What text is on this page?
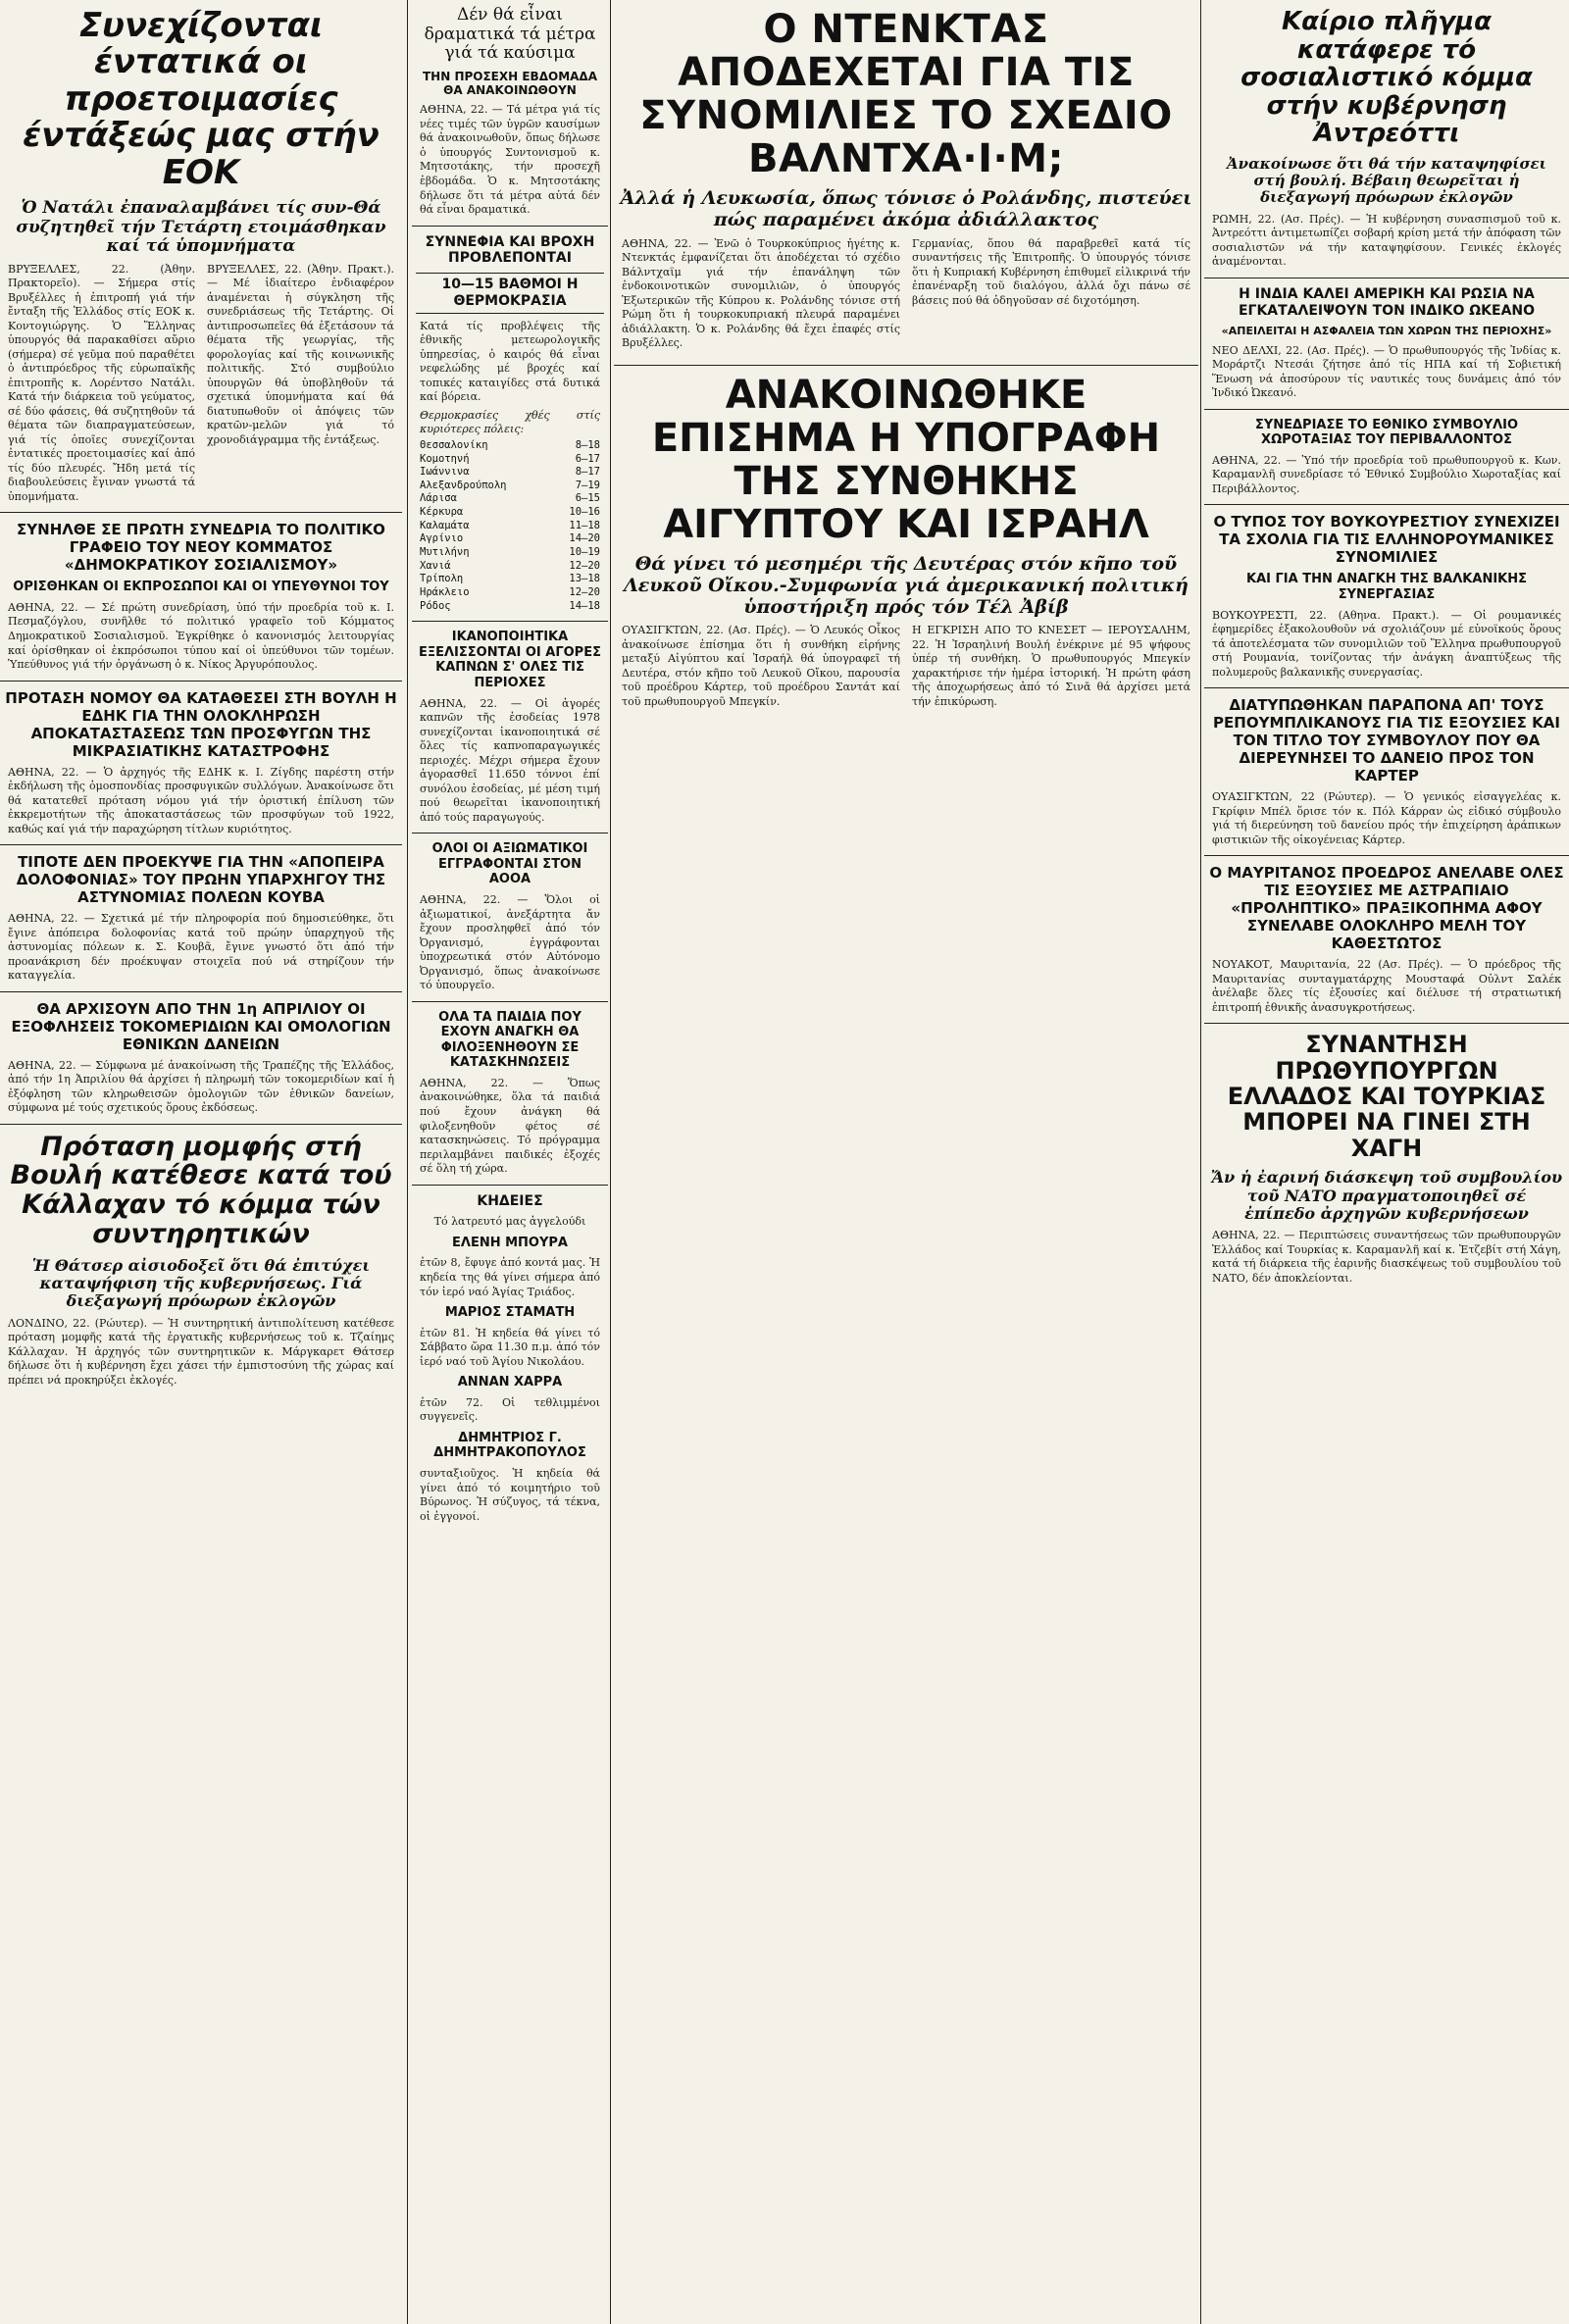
Συνεχίζονται έντατικά οι προετοιμασίες έντάξεώς μας στήν ΕΟΚ
Ὁ Νατάλι ἐπαναλαμβάνει τίς συν-Θά συζητηθεῖ τήν Τετάρτη ετοιμάσθηκαν καί τά ὑπομνήματα
ΒΡΥΞΕΛΛΕΣ, 22. (Ἀθην. Πρακτορεῖο). — Σήμερα στίς Βρυξέλλες ἡ ἐπιτροπή γιά τήν ἔνταξη τῆς Ἑλλάδος στίς ΕΟΚ κ. Κοντογιώργης. Ὁ Ἕλληνας ὑπουργός θά παρακαθίσει αὔριο (σήμερα) σέ γεῦμα πού παραθέτει ὁ ἀντιπρόεδρος τῆς εὐρωπαϊκῆς ἐπιτροπῆς κ. Λορέντσο Νατάλι. Κατά τήν διάρκεια τοῦ γεύματος, σέ δύο φάσεις, θά συζητηθοῦν τά θέματα τῶν διαπραγματεύσεων, γιά τίς ὁποῖες συνεχίζονται ἐντατικές προετοιμασίες καί ἀπό τίς δύο πλευρές. Ἤδη μετά τίς διαβουλεύσεις ἔγιναν γνωστά τά ὑπομνήματα.
ΒΡΥΞΕΛΛΕΣ, 22. (Ἀθην. Πρακτ.). — Μέ ἰδιαίτερο ἐνδιαφέρον ἀναμένεται ἡ σύγκληση τῆς συνεδριάσεως τῆς Τετάρτης. Οἱ ἀντιπροσωπεῖες θά ἐξετάσουν τά θέματα τῆς γεωργίας, τῆς φορολογίας καί τῆς κοινωνικῆς πολιτικῆς. Στό συμβούλιο ὑπουργῶν θά ὑποβληθοῦν τά σχετικά ὑπομνήματα καί θά διατυπωθοῦν οἱ ἀπόψεις τῶν κρατῶν-μελῶν γιά τό χρονοδιάγραμμα τῆς ἐντάξεως.
ΣΥΝΗΛΘΕ ΣΕ ΠΡΩΤΗ ΣΥΝΕΔΡΙΑ ΤΟ ΠΟΛΙΤΙΚΟ ΓΡΑΦΕΙΟ ΤΟΥ ΝΕΟΥ ΚΟΜΜΑΤΟΣ «ΔΗΜΟΚΡΑΤΙΚΟΥ ΣΟΣΙΑΛΙΣΜΟΥ»
ΟΡΙΣΘΗΚΑΝ ΟΙ ΕΚΠΡΟΣΩΠΟΙ ΚΑΙ ΟΙ ΥΠΕΥΘΥΝΟΙ ΤΟΥ
ΑΘΗΝΑ, 22. — Σέ πρώτη συνεδρίαση, ὑπό τήν προεδρία τοῦ κ. Ι. Πεσμαζόγλου, συνῆλθε τό πολιτικό γραφεῖο τοῦ Κόμματος Δημοκρατικοῦ Σοσιαλισμοῦ. Ἐγκρίθηκε ὁ κανονισμός λειτουργίας καί ὁρίσθηκαν οἱ ἐκπρόσωποι τύπου καί οἱ ὑπεύθυνοι τῶν τομέων. Ὑπεύθυνος γιά τήν ὀργάνωση ὁ κ. Νίκος Ἀργυρόπουλος.
ΠΡΟΤΑΣΗ ΝΟΜΟΥ ΘΑ ΚΑΤΑΘΕΣΕΙ ΣΤΗ ΒΟΥΛΗ Η ΕΔΗΚ ΓΙΑ ΤΗΝ ΟΛΟΚΛΗΡΩΣΗ ΑΠΟΚΑΤΑΣΤΑΣΕΩΣ ΤΩΝ ΠΡΟΣΦΥΓΩΝ ΤΗΣ ΜΙΚΡΑΣΙΑΤΙΚΗΣ ΚΑΤΑΣΤΡΟΦΗΣ
ΑΘΗΝΑ, 22. — Ὁ ἀρχηγός τῆς ΕΔΗΚ κ. Ι. Ζίγδης παρέστη στήν ἐκδήλωση τῆς ὁμοσπονδίας προσφυγικῶν συλλόγων. Ἀνακοίνωσε ὅτι θά κατατεθεῖ πρόταση νόμου γιά τήν ὁριστική ἐπίλυση τῶν ἐκκρεμοτήτων τῆς ἀποκαταστάσεως τῶν προσφύγων τοῦ 1922, καθώς καί γιά τήν παραχώρηση τίτλων κυριότητος.
ΤΙΠΟΤΕ ΔΕΝ ΠΡΟΕΚΥΨΕ ΓΙΑ ΤΗΝ «ΑΠΟΠΕΙΡΑ ΔΟΛΟΦΟΝΙΑΣ» ΤΟΥ ΠΡΩΗΝ ΥΠΑΡΧΗΓΟΥ ΤΗΣ ΑΣΤΥΝΟΜΙΑΣ ΠΟΛΕΩΝ ΚΟΥΒΑ
ΑΘΗΝΑ, 22. — Σχετικά μέ τήν πληροφορία πού δημοσιεύθηκε, ὅτι ἔγινε ἀπόπειρα δολοφονίας κατά τοῦ πρώην ὑπαρχηγοῦ τῆς ἀστυνομίας πόλεων κ. Σ. Κουβᾶ, ἔγινε γνωστό ὅτι ἀπό τήν προανάκριση δέν προέκυψαν στοιχεῖα πού νά στηρίζουν τήν καταγγελία.
ΘΑ ΑΡΧΙΣΟΥΝ ΑΠΟ ΤΗΝ 1η ΑΠΡΙΛΙΟΥ ΟΙ ΕΞΟΦΛΗΣΕΙΣ ΤΟΚΟΜΕΡΙΔΙΩΝ ΚΑΙ ΟΜΟΛΟΓΙΩΝ ΕΘΝΙΚΩΝ ΔΑΝΕΙΩΝ
ΑΘΗΝΑ, 22. — Σύμφωνα μέ ἀνακοίνωση τῆς Τραπέζης τῆς Ἑλλάδος, ἀπό τήν 1η Ἀπριλίου θά ἀρχίσει ἡ πληρωμή τῶν τοκομεριδίων καί ἡ ἐξόφληση τῶν κληρωθεισῶν ὁμολογιῶν τῶν ἐθνικῶν δανείων, σύμφωνα μέ τούς σχετικούς ὅρους ἐκδόσεως.
Πρόταση μομφής στή Βουλή κατέθεσε κατά τού Κάλλαχαν τό κόμμα τών συντηρητικών
Ἡ Θάτσερ αἰσιοδοξεῖ ὅτι θά ἐπιτύχει καταψήφιση τῆς κυβερνήσεως. Γιά διεξαγωγή πρόωρων ἐκλογῶν
ΛΟΝΔΙΝΟ, 22. (Ρώυτερ). — Ἡ συντηρητική ἀντιπολίτευση κατέθεσε πρόταση μομφῆς κατά τῆς ἐργατικῆς κυβερνήσεως τοῦ κ. Τζαίημς Κάλλαχαν. Ἡ ἀρχηγός τῶν συντηρητικῶν κ. Μάργκαρετ Θάτσερ δήλωσε ὅτι ἡ κυβέρνηση ἔχει χάσει τήν ἐμπιστοσύνη τῆς χώρας καί πρέπει νά προκηρύξει ἐκλογές.
Δέν θά εἶναι δραματικά τά μέτρα γιά τά καύσιμα
ΤΗΝ ΠΡΟΣΕΧΗ ΕΒΔΟΜΑΔΑ ΘΑ ΑΝΑΚΟΙΝΩΘΟΥΝ
ΑΘΗΝΑ, 22. — Τά μέτρα γιά τίς νέες τιμές τῶν ὑγρῶν καυσίμων θά ἀνακοινωθοῦν, ὅπως δήλωσε ὁ ὑπουργός Συντονισμοῦ κ. Μητσοτάκης, τήν προσεχῆ ἑβδομάδα. Ὁ κ. Μητσοτάκης δήλωσε ὅτι τά μέτρα αὐτά δέν θά εἶναι δραματικά.
ΣΥΝΝΕΦΙΑ ΚΑΙ ΒΡΟΧΗ ΠΡΟΒΛΕΠΟΝΤΑΙ
10—15 ΒΑΘΜΟΙ Η ΘΕΡΜΟΚΡΑΣΙΑ
Κατά τίς προβλέψεις τῆς ἐθνικῆς μετεωρολογικῆς ὑπηρεσίας, ὁ καιρός θά εἶναι νεφελώδης μέ βροχές καί τοπικές καταιγίδες στά δυτικά καί βόρεια.
Θερμοκρασίες χθές στίς κυριότερες πόλεις:
Θεσσαλονίκη	8—18
Κομοτηνή	6—17
Ιωάννινα	8—17
Αλεξανδρούπολη	7—19
Λάρισα	6—15
Κέρκυρα	10—16
Καλαμάτα	11—18
Αγρίνιο	14—20
Μυτιλήνη	10—19
Χανιά	12—20
Τρίπολη	13—18
Ηράκλειο	12—20
Ρόδος	14—18
ΙΚΑΝΟΠΟΙΗΤΙΚΑ ΕΞΕΛΙΣΣΟΝΤΑΙ ΟΙ ΑΓΟΡΕΣ ΚΑΠΝΩΝ Σ' ΟΛΕΣ ΤΙΣ ΠΕΡΙΟΧΕΣ
ΑΘΗΝΑ, 22. — Οἱ ἀγορές καπνῶν τῆς ἐσοδείας 1978 συνεχίζονται ἱκανοποιητικά σέ ὅλες τίς καπνοπαραγωγικές περιοχές. Μέχρι σήμερα ἔχουν ἀγορασθεῖ 11.650 τόννοι ἐπί συνόλου ἐσοδείας, μέ μέση τιμή πού θεωρεῖται ἱκανοποιητική ἀπό τούς παραγωγούς.
ΟΛΟΙ ΟΙ ΑΞΙΩΜΑΤΙΚΟΙ ΕΓΓΡΑΦΟΝΤΑΙ ΣΤΟΝ ΑΟΟΑ
ΑΘΗΝΑ, 22. — Ὅλοι οἱ ἀξιωματικοί, ἀνεξάρτητα ἄν ἔχουν προσληφθεῖ ἀπό τόν Ὀργανισμό, ἐγγράφονται ὑποχρεωτικά στόν Αὐτόνομο Ὀργανισμό, ὅπως ἀνακοίνωσε τό ὑπουργεῖο.
ΟΛΑ ΤΑ ΠΑΙΔΙΑ ΠΟΥ ΕΧΟΥΝ ΑΝΑΓΚΗ ΘΑ ΦΙΛΟΞΕΝΗΘΟΥΝ ΣΕ ΚΑΤΑΣΚΗΝΩΣΕΙΣ
ΑΘΗΝΑ, 22. — Ὅπως ἀνακοινώθηκε, ὅλα τά παιδιά πού ἔχουν ἀνάγκη θά φιλοξενηθοῦν φέτος σέ κατασκηνώσεις. Τό πρόγραμμα περιλαμβάνει παιδικές ἐξοχές σέ ὅλη τή χώρα.
ΚΗΔΕΙΕΣ
Τό λατρευτό μας ἀγγελούδι
ΕΛΕΝΗ ΜΠΟΥΡΑ
ἐτῶν 8, ἔφυγε ἀπό κοντά μας. Ἡ κηδεία της θά γίνει σήμερα ἀπό τόν ἱερό ναό Ἁγίας Τριάδος.
ΜΑΡΙΟΣ ΣΤΑΜΑΤΗ
ἐτῶν 81. Ἡ κηδεία θά γίνει τό Σάββατο ὥρα 11.30 π.μ. ἀπό τόν ἱερό ναό τοῦ Ἁγίου Νικολάου.
ΑΝΝΑΝ ΧΑΡΡΑ
ἐτῶν 72. Οἱ τεθλιμμένοι συγγενεῖς.
ΔΗΜΗΤΡΙΟΣ Γ. ΔΗΜΗΤΡΑΚΟΠΟΥΛΟΣ
συνταξιοῦχος. Ἡ κηδεία θά γίνει ἀπό τό κοιμητήριο τοῦ Βύρωνος. Ἡ σύζυγος, τά τέκνα, οἱ ἐγγονοί.
Ο ΝΤΕΝΚΤΑΣ ΑΠΟΔΕΧΕΤΑΙ ΓΙΑ ΤΙΣ ΣΥΝΟΜΙΛΙΕΣ ΤΟ ΣΧΕΔΙΟ ΒΑΛΝΤΧΑ·Ι·Μ;
Ἀλλά ἡ Λευκωσία, ὅπως τόνισε ὁ Ρολάνδης, πιστεύει πώς παραμένει ἀκόμα ἀδιάλλακτος
ΑΘΗΝΑ, 22. — Ἐνῶ ὁ Τουρκοκύπριος ἡγέτης κ. Ντενκτάς ἐμφανίζεται ὅτι ἀποδέχεται τό σχέδιο Βάλντχαϊμ γιά τήν ἐπανάληψη τῶν ἐνδοκοινοτικῶν συνομιλιῶν, ὁ ὑπουργός Ἐξωτερικῶν τῆς Κύπρου κ. Ρολάνδης τόνισε στή Ρώμη ὅτι ἡ τουρκοκυπριακή πλευρά παραμένει ἀδιάλλακτη. Ὁ κ. Ρολάνδης θά ἔχει ἐπαφές στίς Βρυξέλλες.
Γερμανίας, ὅπου θά παραβρεθεῖ κατά τίς συναντήσεις τῆς Ἐπιτροπῆς. Ὁ ὑπουργός τόνισε ὅτι ἡ Κυπριακή Κυβέρνηση ἐπιθυμεῖ εἰλικρινά τήν ἐπανέναρξη τοῦ διαλόγου, ἀλλά ὄχι πάνω σέ βάσεις πού θά ὁδηγοῦσαν σέ διχοτόμηση.
ΑΝΑΚΟΙΝΩΘΗΚΕ ΕΠΙΣΗΜΑ Η ΥΠΟΓΡΑΦΗ ΤΗΣ ΣΥΝΘΗΚΗΣ ΑΙΓΥΠΤΟΥ ΚΑΙ ΙΣΡΑΗΛ
Θά γίνει τό μεσημέρι τῆς Δευτέρας στόν κῆπο τοῦ Λευκοῦ Οἴκου.-Συμφωνία γιά ἀμερικανική πολιτική ὑποστήριξη πρός τόν Τέλ Ἀβίβ
ΟΥΑΣΙΓΚΤΩΝ, 22. (Ασ. Πρές). — Ὁ Λευκός Οἶκος ἀνακοίνωσε ἐπίσημα ὅτι ἡ συνθήκη εἰρήνης μεταξύ Αἰγύπτου καί Ἰσραήλ θά ὑπογραφεῖ τή Δευτέρα, στόν κῆπο τοῦ Λευκοῦ Οἴκου, παρουσία τοῦ προέδρου Κάρτερ, τοῦ προέδρου Σαντάτ καί τοῦ πρωθυπουργοῦ Μπεγκίν.
Η ΕΓΚΡΙΣΗ ΑΠΟ ΤΟ ΚΝΕΣΕΤ — ΙΕΡΟΥΣΑΛΗΜ, 22. Ἡ Ἰσραηλινή Βουλή ἐνέκρινε μέ 95 ψήφους ὑπέρ τή συνθήκη. Ὁ πρωθυπουργός Μπεγκίν χαρακτήρισε τήν ἡμέρα ἱστορική. Ἡ πρώτη φάση τῆς ἀποχωρήσεως ἀπό τό Σινᾶ θά ἀρχίσει μετά τήν ἐπικύρωση.
Καίριο πλῆγμα κατάφερε τό σοσιαλιστικό κόμμα στήν κυβέρνηση Ἀντρεόττι
Ἀνακοίνωσε ὅτι θά τήν καταψηφίσει στή βουλή. Βέβαιη θεωρεῖται ἡ διεξαγωγή πρόωρων ἐκλογῶν
ΡΩΜΗ, 22. (Ασ. Πρές). — Ἡ κυβέρνηση συνασπισμοῦ τοῦ κ. Ἀντρεόττι ἀντιμετωπίζει σοβαρή κρίση μετά τήν ἀπόφαση τῶν σοσιαλιστῶν νά τήν καταψηφίσουν. Γενικές ἐκλογές ἀναμένονται.
Η ΙΝΔΙΑ ΚΑΛΕΙ ΑΜΕΡΙΚΗ ΚΑΙ ΡΩΣΙΑ ΝΑ ΕΓΚΑΤΑΛΕΙΨΟΥΝ ΤΟΝ ΙΝΔΙΚΟ ΩΚΕΑΝΟ
«ΑΠΕΙΛΕΙΤΑΙ Η ΑΣΦΑΛΕΙΑ ΤΩΝ ΧΩΡΩΝ ΤΗΣ ΠΕΡΙΟΧΗΣ»
ΝΕΟ ΔΕΛΧΙ, 22. (Ασ. Πρές). — Ὁ πρωθυπουργός τῆς Ἰνδίας κ. Μοράρτζι Ντεσάι ζήτησε ἀπό τίς ΗΠΑ καί τή Σοβιετική Ἕνωση νά ἀποσύρουν τίς ναυτικές τους δυνάμεις ἀπό τόν Ἰνδικό Ὠκεανό.
ΣΥΝΕΔΡΙΑΣΕ ΤΟ ΕΘΝΙΚΟ ΣΥΜΒΟΥΛΙΟ ΧΩΡΟΤΑΞΙΑΣ ΤΟΥ ΠΕΡΙΒΑΛΛΟΝΤΟΣ
ΑΘΗΝΑ, 22. — Ὑπό τήν προεδρία τοῦ πρωθυπουργοῦ κ. Κων. Καραμανλῆ συνεδρίασε τό Ἐθνικό Συμβούλιο Χωροταξίας καί Περιβάλλοντος.
Ο ΤΥΠΟΣ ΤΟΥ ΒΟΥΚΟΥΡΕΣΤΙΟΥ ΣΥΝΕΧΙΖΕΙ ΤΑ ΣΧΟΛΙΑ ΓΙΑ ΤΙΣ ΕΛΛΗΝΟΡΟΥΜΑΝΙΚΕΣ ΣΥΝΟΜΙΛΙΕΣ
ΚΑΙ ΓΙΑ ΤΗΝ ΑΝΑΓΚΗ ΤΗΣ ΒΑΛΚΑΝΙΚΗΣ ΣΥΝΕΡΓΑΣΙΑΣ
ΒΟΥΚΟΥΡΕΣΤΙ, 22. (Αθηνα. Πρακτ.). — Οἱ ρουμανικές ἐφημερίδες ἐξακολουθοῦν νά σχολιάζουν μέ εὐνοϊκούς ὅρους τά ἀποτελέσματα τῶν συνομιλιῶν τοῦ Ἕλληνα πρωθυπουργοῦ στή Ρουμανία, τονίζοντας τήν ἀνάγκη ἀναπτύξεως τῆς πολυμεροῦς βαλκανικῆς συνεργασίας.
ΔΙΑΤΥΠΩΘΗΚΑΝ ΠΑΡΑΠΟΝΑ ΑΠ' ΤΟΥΣ ΡΕΠΟΥΜΠΛΙΚΑΝΟΥΣ ΓΙΑ ΤΙΣ ΕΞΟΥΣΙΕΣ ΚΑΙ ΤΟΝ ΤΙΤΛΟ ΤΟΥ ΣΥΜΒΟΥΛΟΥ ΠΟΥ ΘΑ ΔΙΕΡΕΥΝΗΣΕΙ ΤΟ ΔΑΝΕΙΟ ΠΡΟΣ ΤΟΝ ΚΑΡΤΕΡ
ΟΥΑΣΙΓΚΤΩΝ, 22 (Ρώυτερ). — Ὁ γενικός εἰσαγγελέας κ. Γκρίφιν Μπέλ ὅρισε τόν κ. Πόλ Κάρραν ὡς εἰδικό σύμβουλο γιά τή διερεύνηση τοῦ δανείου πρός τήν ἐπιχείρηση ἀράπικων φιστικιῶν τῆς οἰκογένειας Κάρτερ.
Ο ΜΑΥΡΙΤΑΝΟΣ ΠΡΟΕΔΡΟΣ ΑΝΕΛΑΒΕ ΟΛΕΣ ΤΙΣ ΕΞΟΥΣΙΕΣ ΜΕ ΑΣΤΡΑΠΙΑΙΟ «ΠΡΟΛΗΠΤΙΚΟ» ΠΡΑΞΙΚΟΠΗΜΑ ΑΦΟΥ ΣΥΝΕΛΑΒΕ ΟΛΟΚΛΗΡΟ ΜΕΛΗ ΤΟΥ ΚΑΘΕΣΤΩΤΟΣ
ΝΟΥΑΚΟΤ, Μαυριτανία, 22 (Ασ. Πρές). — Ὁ πρόεδρος τῆς Μαυριτανίας συνταγματάρχης Μουσταφά Οὐλντ Σαλέκ ἀνέλαβε ὅλες τίς ἐξουσίες καί διέλυσε τή στρατιωτική ἐπιτροπή ἐθνικῆς ἀνασυγκροτήσεως.
ΣΥΝΑΝΤΗΣΗ ΠΡΩΘΥΠΟΥΡΓΩΝ ΕΛΛΑΔΟΣ ΚΑΙ ΤΟΥΡΚΙΑΣ ΜΠΟΡΕΙ ΝΑ ΓΙΝΕΙ ΣΤΗ ΧΑΓΗ
Ἄν ἡ ἐαρινή διάσκεψη τοῦ συμβουλίου τοῦ ΝΑΤΟ πραγματοποιηθεῖ σέ ἐπίπεδο ἀρχηγῶν κυβερνήσεων
ΑΘΗΝΑ, 22. — Περιπτώσεις συναντήσεως τῶν πρωθυπουργῶν Ἑλλάδος καί Τουρκίας κ. Καραμανλῆ καί κ. Ἐτζεβίτ στή Χάγη, κατά τή διάρκεια τῆς ἐαρινῆς διασκέψεως τοῦ συμβουλίου τοῦ ΝΑΤΟ, δέν ἀποκλείονται.
